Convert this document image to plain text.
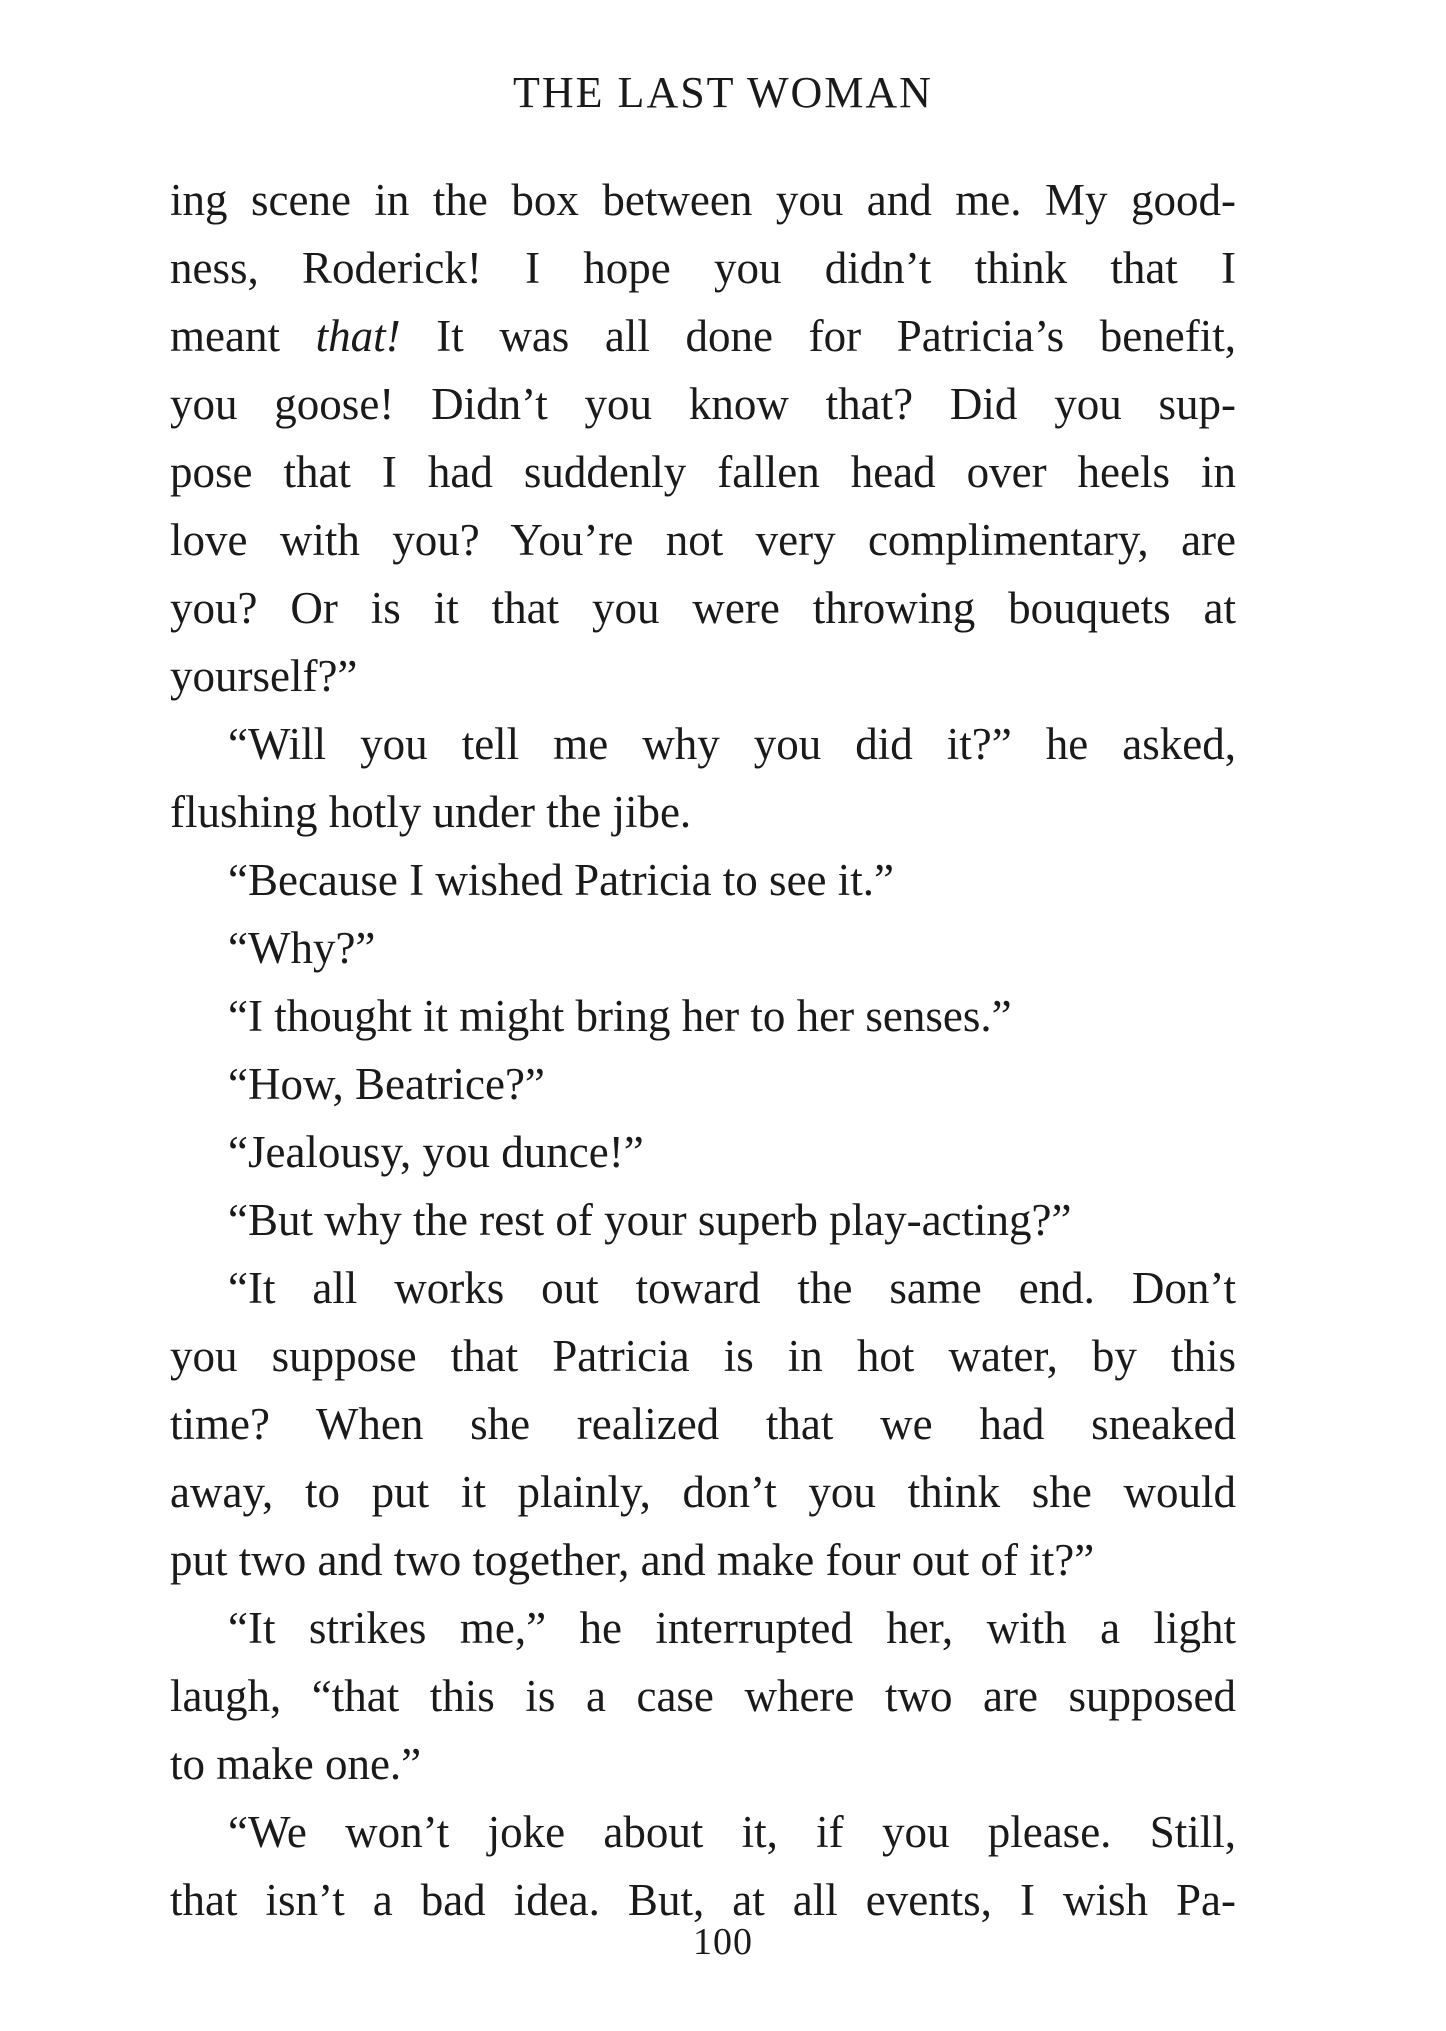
THE LAST WOMAN
ing scene in the box between you and me. My good-
ness, Roderick! I hope you didn’t think that I
meant that! It was all done for Patricia’s benefit,
you goose! Didn’t you know that? Did you sup-
pose that I had suddenly fallen head over heels in
love with you? You’re not very complimentary, are
you? Or is it that you were throwing bouquets at
yourself?”
“Will you tell me why you did it?” he asked,
flushing hotly under the jibe.
“Because I wished Patricia to see it.”
“Why?”
“I thought it might bring her to her senses.”
“How, Beatrice?”
“Jealousy, you dunce!”
“But why the rest of your superb play-acting?”
“It all works out toward the same end. Don’t
you suppose that Patricia is in hot water, by this
time? When she realized that we had sneaked
away, to put it plainly, don’t you think she would
put two and two together, and make four out of it?”
“It strikes me,” he interrupted her, with a light
laugh, “that this is a case where two are supposed
to make one.”
“We won’t joke about it, if you please. Still,
that isn’t a bad idea. But, at all events, I wish Pa-
100
